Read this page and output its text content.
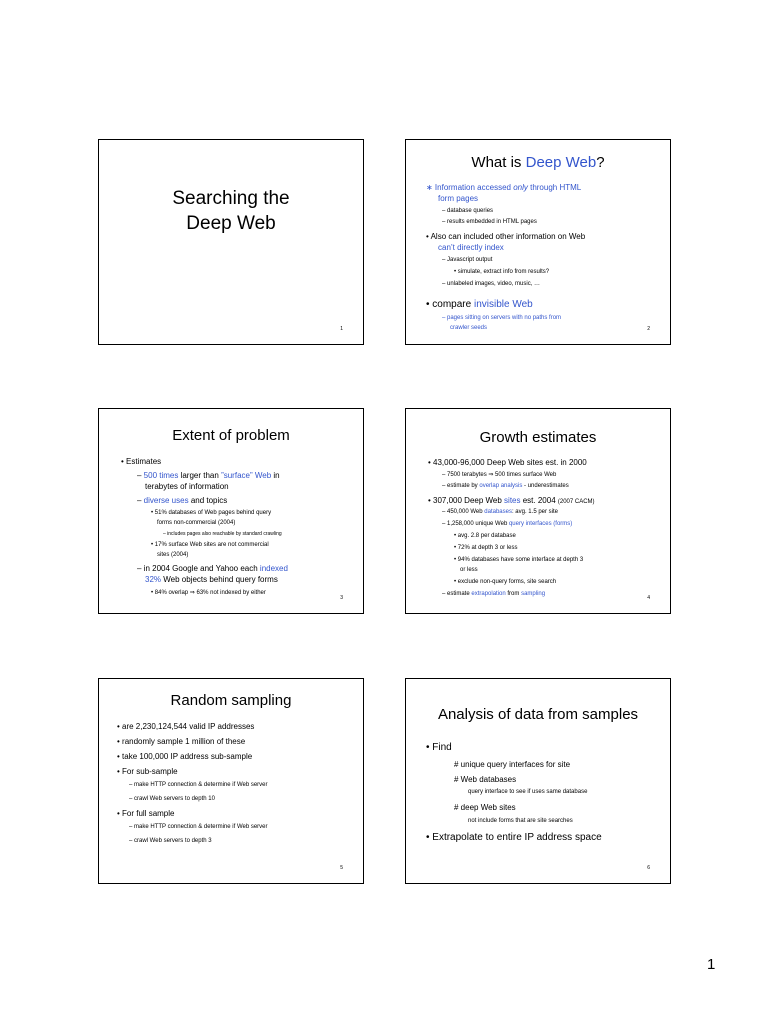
Searching the
Deep Web
1
What is Deep Web?
∗ Information accessed only through HTML
form pages
– database queries
– results embedded in HTML pages
• Also can included other information on Web
can’t directly index
– Javascript output
• simulate, extract info from results?
– unlabeled images, video, music, …
• compare invisible Web
– pages sitting on servers with no paths from
crawler seeds	2
Extent of problem
• Estimates
– 500 times larger than ”surface” Web in
terabytes of information
– diverse uses and topics
• 51% databases of Web pages behind query
forms non-commercial (2004)
– includes pages also reachable by standard crawling
• 17% surface Web sites are not commercial
sites (2004)
– in 2004 Google and Yahoo each indexed
32% Web objects behind query forms
• 84% overlap ⇒ 63% not indexed by either
3
Growth estimates
• 43,000-96,000 Deep Web sites est. in 2000
– 7500 terabytes ⇒ 500 times surface Web
– estimate by overlap analysis - underestimates
• 307,000 Deep Web sites est. 2004 (2007 CACM)
– 450,000 Web databases: avg. 1.5 per site
– 1,258,000 unique Web query interfaces (forms)
• avg. 2.8 per database
• 72% at depth 3 or less
• 94% databases have some interface at depth 3
or less
• exclude non-query forms, site search
– estimate extrapolation from sampling
4
Random sampling
• are 2,230,124,544 valid IP addresses
• randomly sample 1 million of these
• take 100,000 IP address sub-sample
• For sub-sample
– make HTTP connection & determine if Web server
– crawl Web servers to depth 10
• For full sample
– make HTTP connection & determine if Web server
– crawl Web servers to depth 3
5
Analysis of data from samples
• Find
# unique query interfaces for site
# Web databases
query interface to see if uses same database
# deep Web sites
not include forms that are site searches
• Extrapolate to entire IP address space
6
1
